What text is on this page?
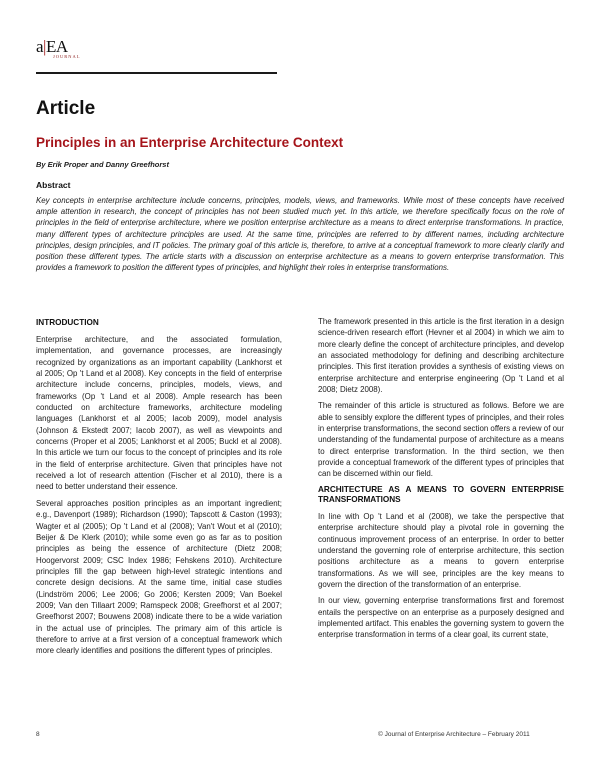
a|EA
JOURNAL
Article
Principles in an Enterprise Architecture Context
By Erik Proper and Danny Greefhorst
Abstract
Key concepts in enterprise architecture include concerns, principles, models, views, and frameworks. While most of these concepts have received ample attention in research, the concept of principles has not been studied much yet. In this article, we therefore specifically focus on the role of principles in the field of enterprise architecture, where we position enterprise architecture as a means to direct enterprise transformations. In practice, many different types of architecture principles are used. At the same time, principles are referred to by different names, including architecture principles, design principles, and IT policies. The primary goal of this article is, therefore, to arrive at a conceptual framework to more clearly clarify and position these different types. The article starts with a discussion on enterprise architecture as a means to govern enterprise transformation. This provides a framework to position the different types of principles, and highlight their roles in enterprise transformations.
INTRODUCTION

Enterprise architecture, and the associated formulation, implementation, and governance processes, are increasingly recognized by organizations as an important capability (Lankhorst et al 2005; Op 't Land et al 2008). Key concepts in the field of enterprise architecture include concerns, principles, models, views, and frameworks (Op 't Land et al 2008). Ample research has been conducted on architecture frameworks, architecture modeling languages (Lankhorst et al 2005; Iacob 2009), model analysis (Johnson & Ekstedt 2007; Iacob 2007), as well as viewpoints and concerns (Proper et al 2005; Lankhorst et al 2005; Buckl et al 2008). In this article we turn our focus to the concept of principles and its role in the field of enterprise architecture. Given that principles have not received a lot of research attention (Fischer et al 2010), there is a need to better understand their essence.

Several approaches position principles as an important ingredient; e.g., Davenport (1989); Richardson (1990); Tapscott & Caston (1993); Wagter et al (2005); Op 't Land et al (2008); Van't Wout et al (2010); Beijer & De Klerk (2010); while some even go as far as to position principles as being the essence of architecture (Dietz 2008; Hoogervorst 2009; CSC Index 1986; Fehskens 2010). Architecture principles fill the gap between high-level strategic intentions and concrete design decisions. At the same time, initial case studies (Lindström 2006; Lee 2006; Go 2006; Kersten 2009; Van Boekel 2009; Van den Tillaart 2009; Ramspeck 2008; Greefhorst et al 2007; Greefhorst 2007; Bouwens 2008) indicate there to be a wide variation in the actual use of principles. The primary aim of this article is therefore to arrive at a first version of a conceptual framework which more clearly identifies and positions the different types of principles.

The framework presented in this article is the first iteration in a design science-driven research effort (Hevner et al 2004) in which we aim to more clearly define the concept of architecture principles, and develop an associated methodology for defining and describing architecture principles. This first iteration provides a synthesis of existing views on enterprise architecture and enterprise engineering (Op 't Land et al 2008; Dietz 2008).

The remainder of this article is structured as follows. Before we are able to sensibly explore the different types of principles, and their roles in enterprise transformations, the second section offers a review of our understanding of the fundamental purpose of architecture as a means to direct enterprise transformation. In the third section, we then provide a conceptual framework of the different types of principles that can be discerned within our field.

ARCHITECTURE AS A MEANS TO GOVERN ENTERPRISE TRANSFORMATIONS

In line with Op 't Land et al (2008), we take the perspective that enterprise architecture should play a pivotal role in governing the continuous improvement process of an enterprise. In order to better understand the governing role of enterprise architecture, this section positions architecture as a means to govern enterprise transformations. As we will see, principles are the key means to govern the direction of the transformation of an enterprise.

In our view, governing enterprise transformations first and foremost entails the perspective on an enterprise as a purposely designed and implemented artifact. This enables the governing system to govern the enterprise transformation in terms of a clear goal, its current state,

8	© Journal of Enterprise Architecture – February 2011
